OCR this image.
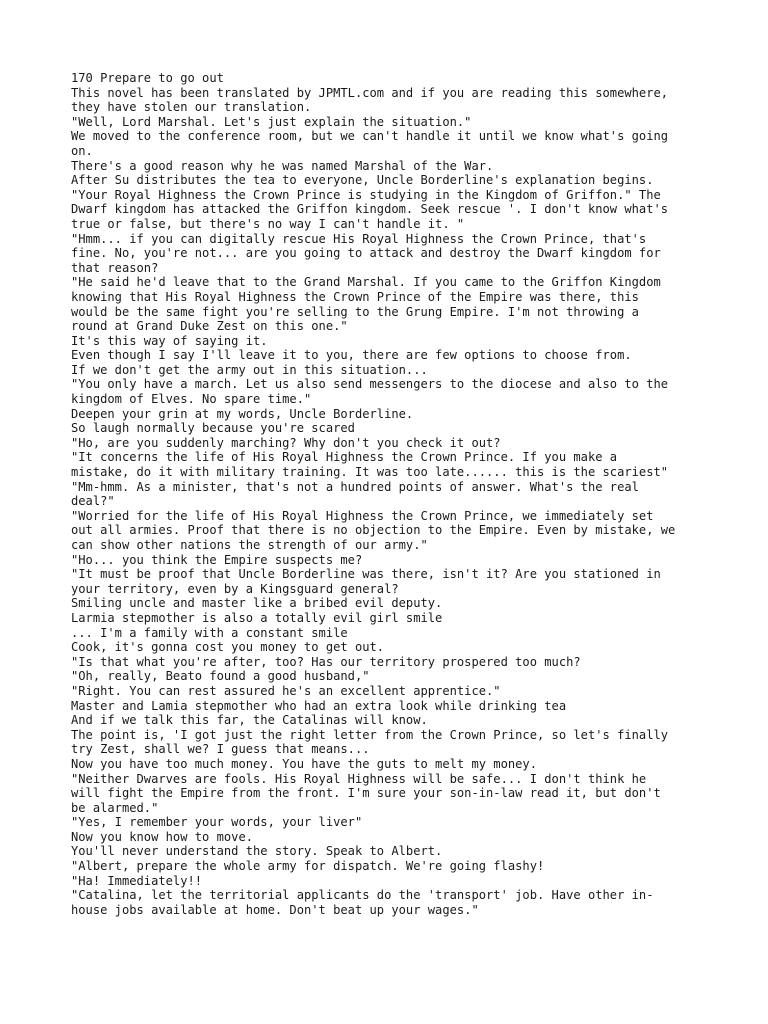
170 Prepare to go out

This novel has been translated by JPMTL.com and if you are reading this somewhere,
they have stolen our translation.

"Well, Lord Marshal. Let's just explain the situation."

We moved to the conference room, but we can't handle it until we know what's going
on.

There's a good reason why he was named Marshal of the War.

After Su distributes the tea to everyone, Uncle Borderline's explanation begins.

"Your Royal Highness the Crown Prince is studying in the Kingdom of Griffon." The
Dwarf kingdom has attacked the Griffon kingdom. Seek rescue '. I don't know what's
true or false, but there's no way I can't handle it. "

"Hmm... if you can digitally rescue His Royal Highness the Crown Prince, that's
fine. No, you're not... are you going to attack and destroy the Dwarf kingdom for
that reason?

"He said he'd leave that to the Grand Marshal. If you came to the Griffon Kingdom
knowing that His Royal Highness the Crown Prince of the Empire was there, this
would be the same fight you're selling to the Grung Empire. I'm not throwing a
round at Grand Duke Zest on this one."

It's this way of saying it.

Even though I say I'll leave it to you, there are few options to choose from.

If we don't get the army out in this situation...

"You only have a march. Let us also send messengers to the diocese and also to the
kingdom of Elves. No spare time."

Deepen your grin at my words, Uncle Borderline.

So laugh normally because you're scared

"Ho, are you suddenly marching? Why don't you check it out?

"It concerns the life of His Royal Highness the Crown Prince. If you make a
mistake, do it with military training. It was too late...... this is the scariest"

"Mm-hmm. As a minister, that's not a hundred points of answer. What's the real
deal?"

"Worried for the life of His Royal Highness the Crown Prince, we immediately set
out all armies. Proof that there is no objection to the Empire. Even by mistake, we
can show other nations the strength of our army."

"Ho... you think the Empire suspects me?

"It must be proof that Uncle Borderline was there, isn't it? Are you stationed in
your territory, even by a Kingsguard general?

Smiling uncle and master like a bribed evil deputy.

Larmia stepmother is also a totally evil girl smile

... I'm a family with a constant smile

Cook, it's gonna cost you money to get out.

"Is that what you're after, too? Has our territory prospered too much?

"Oh, really, Beato found a good husband,"

"Right. You can rest assured he's an excellent apprentice."

Master and Lamia stepmother who had an extra look while drinking tea

And if we talk this far, the Catalinas will know.

The point is, 'I got just the right letter from the Crown Prince, so let's finally
try Zest, shall we? I guess that means...

Now you have too much money. You have the guts to melt my money.

"Neither Dwarves are fools. His Royal Highness will be safe... I don't think he
will fight the Empire from the front. I'm sure your son-in-law read it, but don't
be alarmed."

"Yes, I remember your words, your liver"

Now you know how to move.

You'll never understand the story. Speak to Albert.

"Albert, prepare the whole army for dispatch. We're going flashy!

"Ha! Immediately!!

"Catalina, let the territorial applicants do the 'transport' job. Have other in-
house jobs available at home. Don't beat up your wages."
